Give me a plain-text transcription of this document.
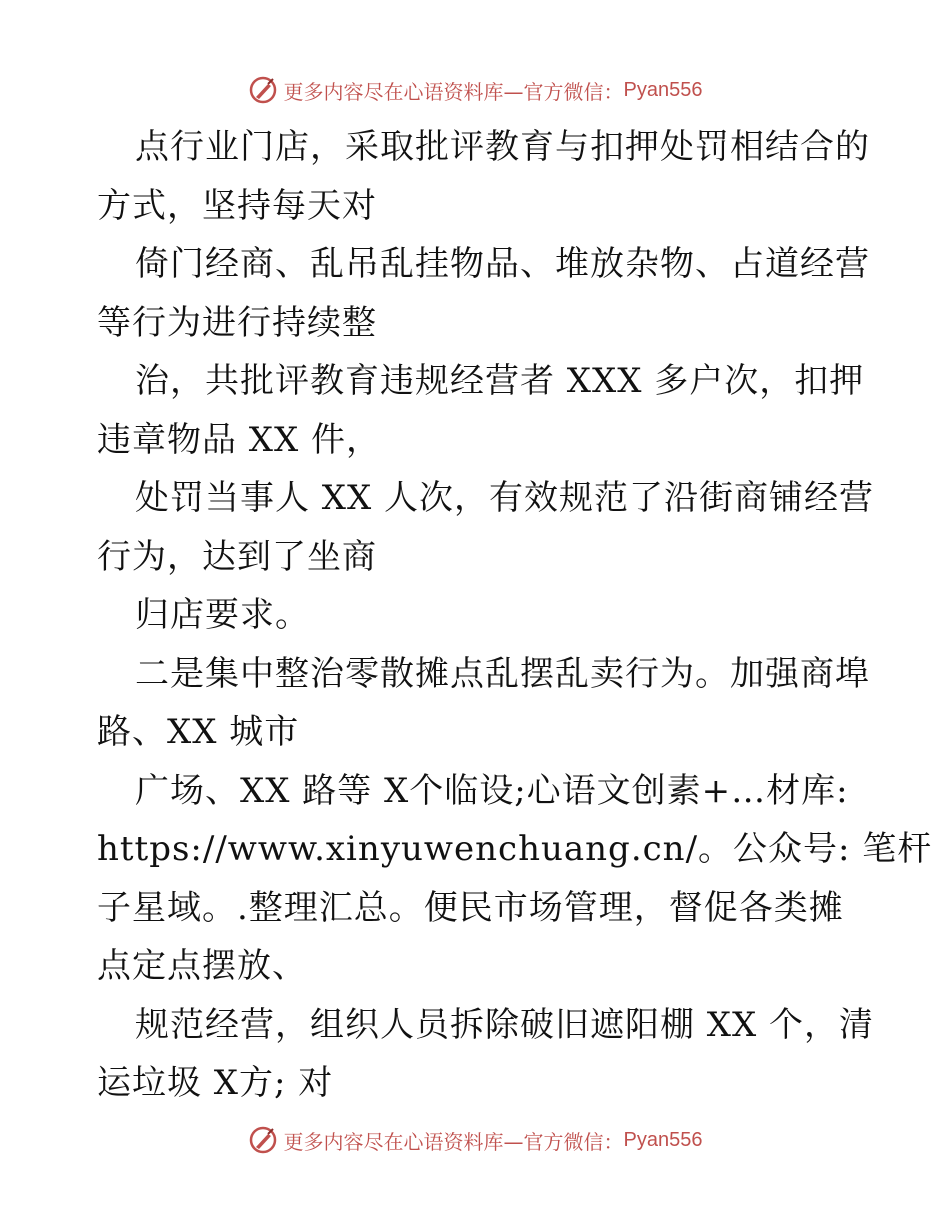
更多内容尽在心语资料库—官方微信： Pyan556
点行业门店，采取批评教育与扣押处罚相结合的
方式，坚持每天对
倚门经商、乱吊乱挂物品、堆放杂物、占道经营
等行为进行持续整
治，共批评教育违规经营者 XXX 多户次，扣押
违章物品 XX 件，
处罚当事人 XX 人次，有效规范了沿街商铺经营
行为，达到了坐商
归店要求。
二是集中整治零散摊点乱摆乱卖行为。加强商埠
路、XX 城市
广场、XX 路等 X个临设;心语文创素+…材库:
https://www.xinyuwenchuang.cn/。公众号: 笔杆
子星域。.整理汇总。便民市场管理，督促各类摊
点定点摆放、
规范经营，组织人员拆除破旧遮阳棚 XX 个，清
运垃圾 X方; 对
更多内容尽在心语资料库—官方微信： Pyan556
